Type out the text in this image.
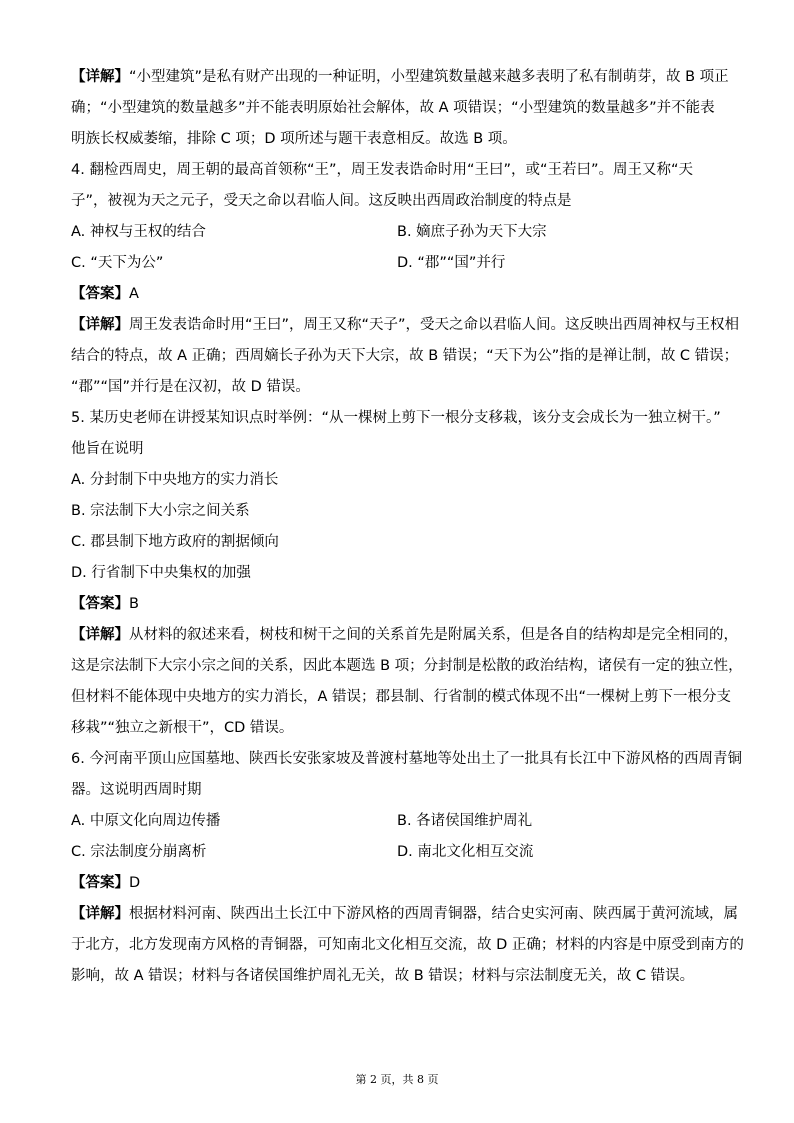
【详解】“小型建筑”是私有财产出现的一种证明，小型建筑数量越来越多表明了私有制萌芽，故 B 项正
确；“小型建筑的数量越多”并不能表明原始社会解体，故 A 项错误；“小型建筑的数量越多”并不能表
明族长权威萎缩，排除 C 项；D 项所述与题干表意相反。故选 B 项。
4. 翻检西周史，周王朝的最高首领称“王”，周王发表诰命时用“王曰”，或“王若曰”。周王又称“天
子”，被视为天之元子，受天之命以君临人间。这反映出西周政治制度的特点是
A. 神权与王权的结合	B. 嫡庶子孙为天下大宗
C. “天下为公”	D. “郡”“国”并行
【答案】A
【详解】周王发表诰命时用“王曰”，周王又称“天子”，受天之命以君临人间。这反映出西周神权与王权相
结合的特点，故 A 正确；西周嫡长子孙为天下大宗，故 B 错误；“天下为公”指的是禅让制，故 C 错误；
“郡”“国”并行是在汉初，故 D 错误。
5. 某历史老师在讲授某知识点时举例：“从一棵树上剪下一根分支移栽，该分支会成长为一独立树干。”
他旨在说明
A. 分封制下中央地方的实力消长
B. 宗法制下大小宗之间关系
C. 郡县制下地方政府的割据倾向
D. 行省制下中央集权的加强
【答案】B
【详解】从材料的叙述来看，树枝和树干之间的关系首先是附属关系，但是各自的结构却是完全相同的，
这是宗法制下大宗小宗之间的关系，因此本题选 B 项；分封制是松散的政治结构，诸侯有一定的独立性，
但材料不能体现中央地方的实力消长，A 错误；郡县制、行省制的模式体现不出“一棵树上剪下一根分支
移栽”“独立之新根干”，CD 错误。
6. 今河南平顶山应国墓地、陕西长安张家坡及普渡村墓地等处出土了一批具有长江中下游风格的西周青铜
器。这说明西周时期
A. 中原文化向周边传播	B. 各诸侯国维护周礼
C. 宗法制度分崩离析	D. 南北文化相互交流
【答案】D
【详解】根据材料河南、陕西出土长江中下游风格的西周青铜器，结合史实河南、陕西属于黄河流域，属
于北方，北方发现南方风格的青铜器，可知南北文化相互交流，故 D 正确；材料的内容是中原受到南方的
影响，故 A 错误；材料与各诸侯国维护周礼无关，故 B 错误；材料与宗法制度无关，故 C 错误。
第 2 页，共 8 页
